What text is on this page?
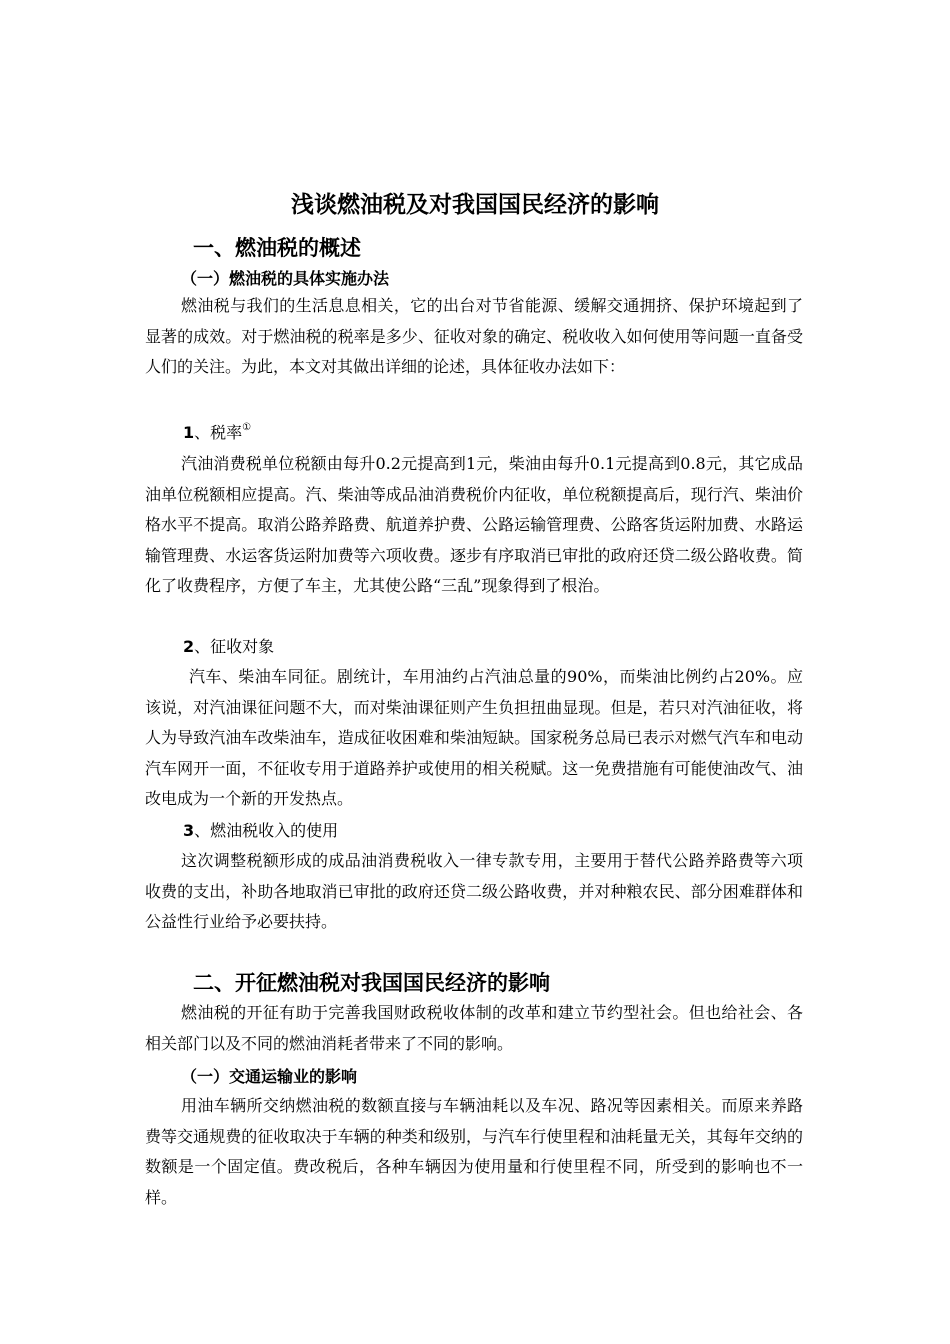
浅谈燃油税及对我国国民经济的影响
一、燃油税的概述
（一）燃油税的具体实施办法

燃油税与我们的生活息息相关，它的出台对节省能源、缓解交通拥挤、保护环境起到了显著的成效。对于燃油税的税率是多少、征收对象的确定、税收收入如何使用等问题一直备受人们的关注。为此，本文对其做出详细的论述，具体征收办法如下：

1、税率①

汽油消费税单位税额由每升0.2元提高到1元，柴油由每升0.1元提高到0.8元，其它成品油单位税额相应提高。汽、柴油等成品油消费税价内征收，单位税额提高后，现行汽、柴油价格水平不提高。取消公路养路费、航道养护费、公路运输管理费、公路客货运附加费、水路运输管理费、水运客货运附加费等六项收费。逐步有序取消已审批的政府还贷二级公路收费。简化了收费程序，方便了车主，尤其使公路“三乱”现象得到了根治。

2、征收对象

汽车、柴油车同征。剧统计，车用油约占汽油总量的90%，而柴油比例约占20%。应该说，对汽油课征问题不大，而对柴油课征则产生负担扭曲显现。但是，若只对汽油征收，将人为导致汽油车改柴油车，造成征收困难和柴油短缺。国家税务总局已表示对燃气汽车和电动汽车网开一面，不征收专用于道路养护或使用的相关税赋。这一免费措施有可能使油改气、油改电成为一个新的开发热点。

3、燃油税收入的使用

这次调整税额形成的成品油消费税收入一律专款专用，主要用于替代公路养路费等六项收费的支出，补助各地取消已审批的政府还贷二级公路收费，并对种粮农民、部分困难群体和公益性行业给予必要扶持。

二、开征燃油税对我国国民经济的影响

燃油税的开征有助于完善我国财政税收体制的改革和建立节约型社会。但也给社会、各相关部门以及不同的燃油消耗者带来了不同的影响。

（一）交通运输业的影响

用油车辆所交纳燃油税的数额直接与车辆油耗以及车况、路况等因素相关。而原来养路费等交通规费的征收取决于车辆的种类和级别，与汽车行使里程和油耗量无关，其每年交纳的数额是一个固定值。费改税后，各种车辆因为使用量和行使里程不同，所受到的影响也不一样。
